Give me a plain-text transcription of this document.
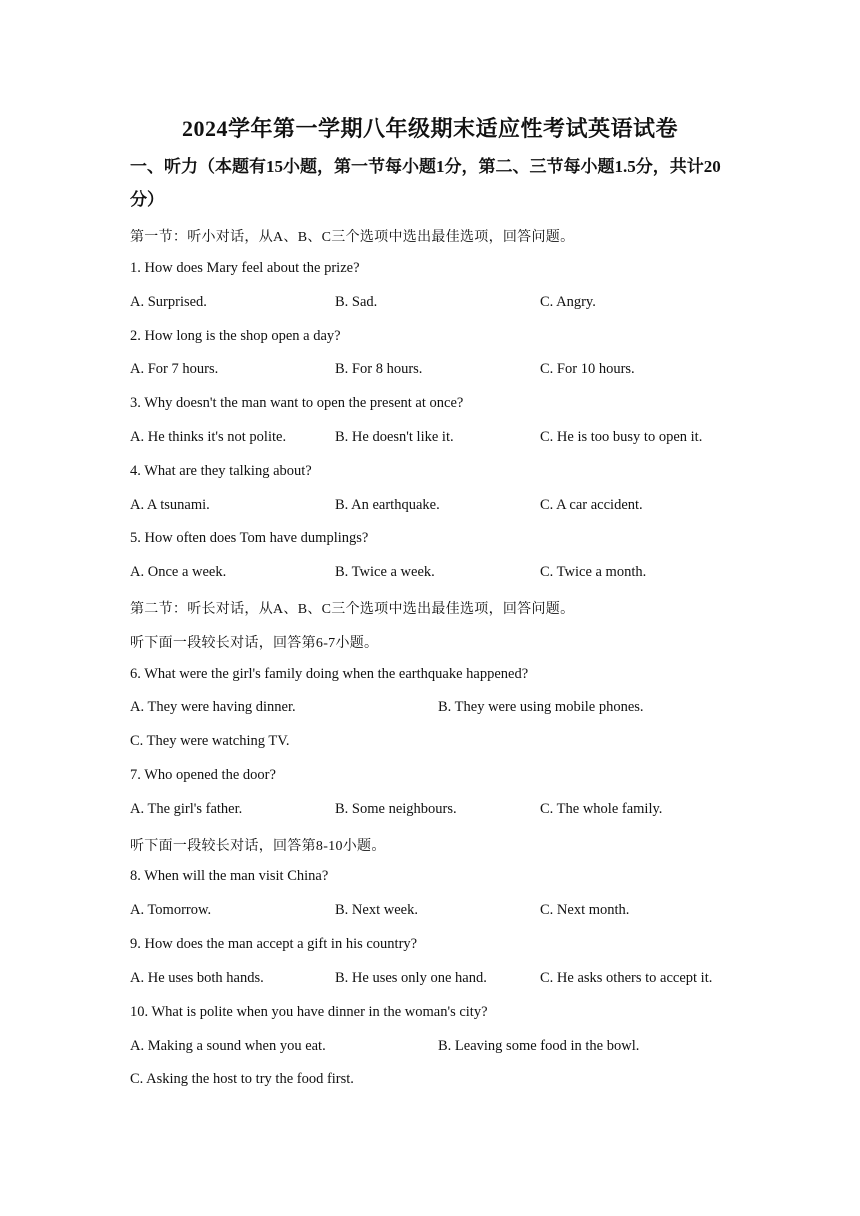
2024学年第一学期八年级期末适应性考试英语试卷
一、听力（本题有15小题，第一节每小题1分，第二、三节每小题1.5分，共计20分）
第一节：听小对话，从A、B、C三个选项中选出最佳选项，回答问题。
1. How does Mary feel about the prize?
A. Surprised.	B. Sad.	C. Angry.
2. How long is the shop open a day?
A. For 7 hours.	B. For 8 hours.	C. For 10 hours.
3. Why doesn't the man want to open the present at once?
A. He thinks it's not polite.	B. He doesn't like it.	C. He is too busy to open it.
4. What are they talking about?
A. A tsunami.	B. An earthquake.	C. A car accident.
5. How often does Tom have dumplings?
A. Once a week.	B. Twice a week.	C. Twice a month.
第二节：听长对话，从A、B、C三个选项中选出最佳选项，回答问题。
听下面一段较长对话，回答第6-7小题。
6. What were the girl's family doing when the earthquake happened?
A. They were having dinner.	B. They were using mobile phones.
C. They were watching TV.
7. Who opened the door?
A. The girl's father.	B. Some neighbours.	C. The whole family.
听下面一段较长对话，回答第8-10小题。
8. When will the man visit China?
A. Tomorrow.	B. Next week.	C. Next month.
9. How does the man accept a gift in his country?
A. He uses both hands.	B. He uses only one hand.	C. He asks others to accept it.
10. What is polite when you have dinner in the woman's city?
A. Making a sound when you eat.	B. Leaving some food in the bowl.
C. Asking the host to try the food first.
